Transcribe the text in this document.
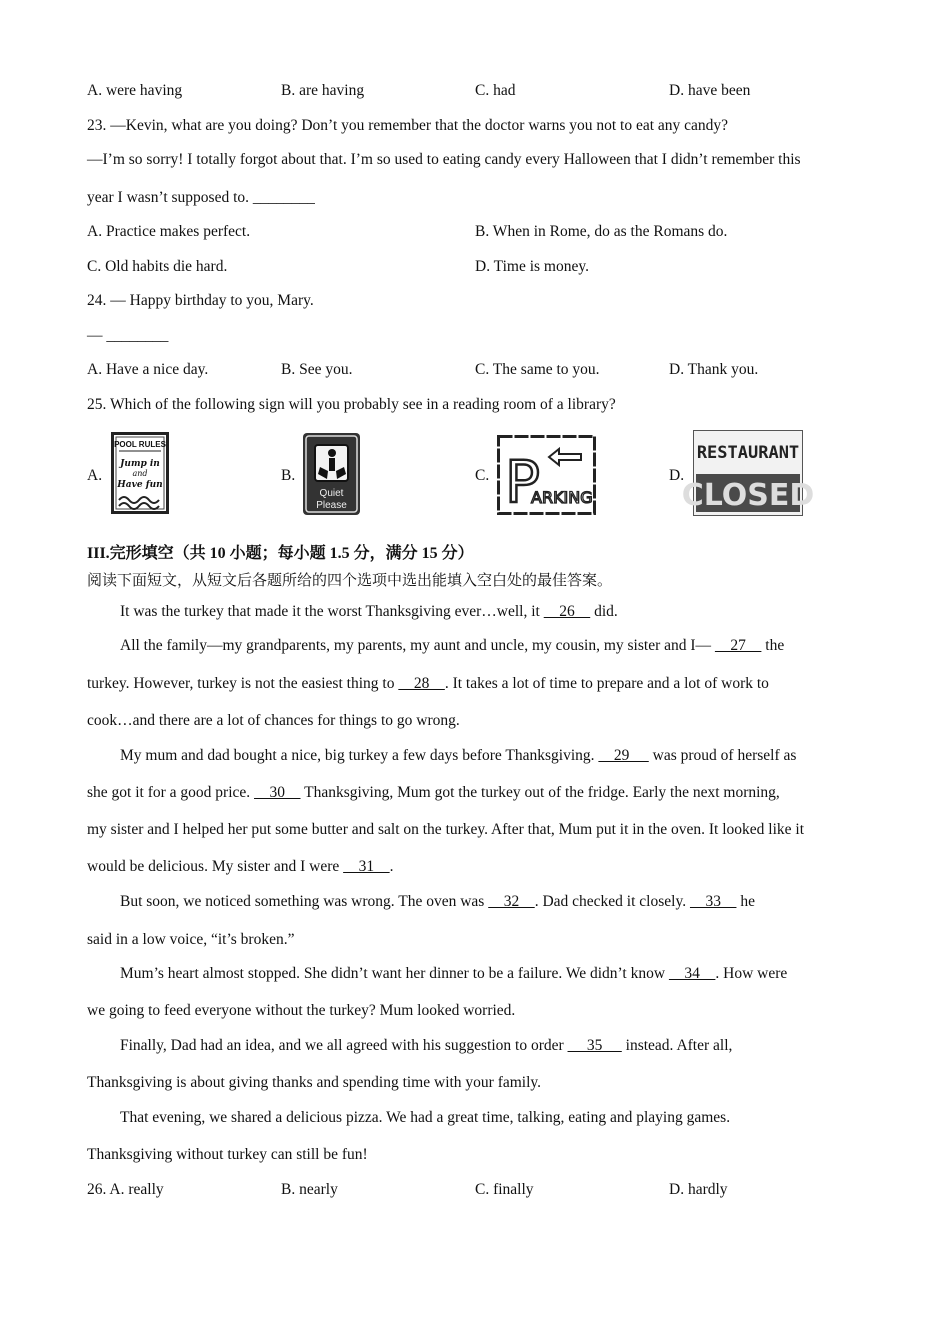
A. were having	B. are having	C. had	D. have been
23. —Kevin, what are you doing? Don’t you remember that the doctor warns you not to eat any candy?
—I’m so sorry! I totally forgot about that. I’m so used to eating candy every Halloween that I didn’t remember this
year I wasn’t supposed to. ________
A. Practice makes perfect.	B. When in Rome, do as the Romans do.
C. Old habits die hard.	D. Time is money.
24. — Happy birthday to you, Mary.
— ________
A. Have a nice day.	B. See you.	C. The same to you.	D. Thank you.
25. Which of the following sign will you probably see in a reading room of a library?
A.	B.	C.	D.
POOL RULES
Jump in
and
Have fun
Quiet
Please	P
ARKING
RESTAURANT
CLOSED
III.完形填空（共 10 小题；每小题 1.5 分，满分 15 分）
阅读下面短文，从短文后各题所给的四个选项中选出能填入空白处的最佳答案。
It was the turkey that made it the worst Thanksgiving ever…well, it     26     did.
All the family—my grandparents, my parents, my aunt and uncle, my cousin, my sister and I—     27     the
turkey. However, turkey is not the easiest thing to     28    . It takes a lot of time to prepare and a lot of work to
cook…and there are a lot of chances for things to go wrong.
My mum and dad bought a nice, big turkey a few days before Thanksgiving.     29      was proud of herself as
she got it for a good price.     30     Thanksgiving, Mum got the turkey out of the fridge. Early the next morning,
my sister and I helped her put some butter and salt on the turkey. After that, Mum put it in the oven. It looked like it
would be delicious. My sister and I were     31    .
But soon, we noticed something was wrong. The oven was     32    . Dad checked it closely.     33     he
said in a low voice, “it’s broken.”
Mum’s heart almost stopped. She didn’t want her dinner to be a failure. We didn’t know     34    . How were
we going to feed everyone without the turkey? Mum looked worried.
Finally, Dad had an idea, and we all agreed with his suggestion to order      35      instead. After all,
Thanksgiving is about giving thanks and spending time with your family.
That evening, we shared a delicious pizza. We had a great time, talking, eating and playing games.
Thanksgiving without turkey can still be fun!
26. A. really	B. nearly	C. finally	D. hardly
